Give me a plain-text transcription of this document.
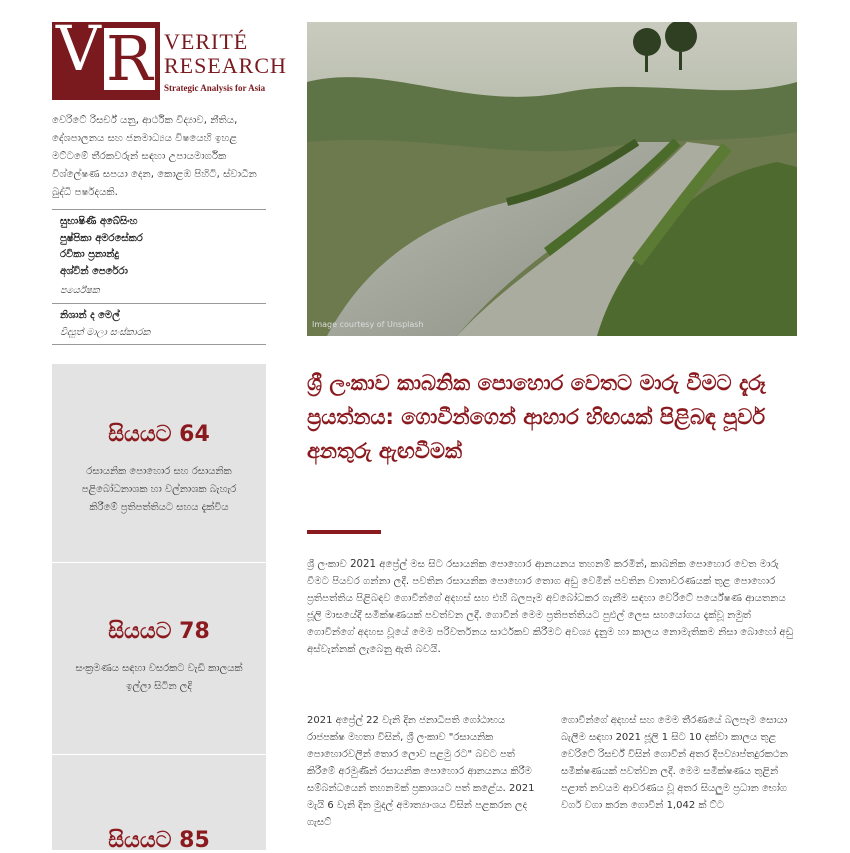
V R VERITÉ
RESEARCH
Strategic Analysis for Asia
වෙරිටේ රිසර්ච් යනු, ආර්ථික විද්‍යාව, නීතිය, දේශපාලනය සහ ජනමාධ්‍යය විෂයෙහි ඉහළ මට්ටමේ තීරකවරුන් සඳහා උපායමාර්ගික විශ්ලේෂණ සපයා දෙන, කොළඹ පිහිටි, ස්වාධීන බුද්ධි පර්ෂදයකි.
සුභාෂිණී අබේසිංහ
පුෂ්පිකා අමරසේකර
රවිකා ප්‍රනාන්දු
අශ්වින් පෙරේරා
පර්යේෂක
නිශාන් ද මෙල්
විද්‍යුත් මාලා සංස්කාරක
Image courtesy of Unsplash
සියයට 64
රසායනික පොහොර සහ රසායනික පළිබෝධනාශක හා වල්නාශක බැහැර කිරීමේ ප්‍රතිපත්තියට සහය දැක්විය
සියයට 78
සංක්‍රමණය සඳහා වසරකට වැඩි කාලයක් ඉල්ලා සිටින ලදි
සියයට 85
ශ්‍රී ලංකාව කාබනික පොහොර වෙතට මාරු වීමට දැරූ ප්‍රයත්නය: ගොවීන්ගෙන් ආහාර හිඟයක් පිළිබඳ පූර්ව අනතුරු ඇඟවීමක්
ශ්‍රී ලංකාව 2021 අප්‍රේල් මස සිට රසායනික පොහොර ආනයනය තහනම් කරමින්, කාබනික පොහොර වෙත මාරු වීමට පියවර ගන්නා ලදී. පවතින රසායනික පොහොර තොග අඩු වෙමින් පවතින වාතාවරණයක් තුළ පොහොර ප්‍රතිපත්තිය පිළිබඳව ගොවීන්ගේ අදහස් සහ එහි බලපෑම අවබෝධකර ගැනීම සඳහා වෙරිටේ පර්යේෂණ ආයතනය ජූලි මාසයේදී සමීක්ෂණයක් පවත්වන ලදී. ගොවීන් මෙම ප්‍රතිපත්තියට පුළුල් ලෙස සහයෝගය දැක්වූ නමුත් ගොවීන්ගේ අදහස වූයේ මෙම පරිවර්තනය සාර්ථකව කිරීමට අවශ්‍ය දැනුම හා කාලය නොමැතිකම නිසා බොහෝ අඩු අස්වැන්නක් ලැබෙනු ඇති බවයි.
2021 අප්‍රේල් 22 වැනි දින ජනාධිපති ගෝඨාභය රාජපක්ෂ මහතා විසින්, ශ්‍රී ලංකාව "රසායනික පොහොරවලින් තොර ලොව පළමු රට" බවට පත් කිරීමේ අරමුණින් රසායනික පොහොර ආනයනය කිරීම සම්බන්ධයෙන් තහනමක් ප්‍රකාශයට පත් කළේය. 2021 මැයි 6 වැනි දින මුදල් අමාත්‍යාංශය විසින් පළකරන ලද ගැසට්
ගොවීන්ගේ අදහස් සහ මෙම තීරණයේ බලපෑම සොයා බැලීම සඳහා 2021 ජූලි 1 සිට 10 දක්වා කාලය තුළ වෙරිටේ රිසර්ච් විසින් ගොවීන් අතර දීපව්‍යාප්තදුරකථන සමීක්ෂණයක් පවත්වන ලදී. මෙම සමීක්ෂණය තුළින් පළාත් නවයම ආවරණය වූ අතර සියලුම ප්‍රධාන භෝග වර්ග වගා කරන ගොවීන් 1,042 ක් ට්ට
